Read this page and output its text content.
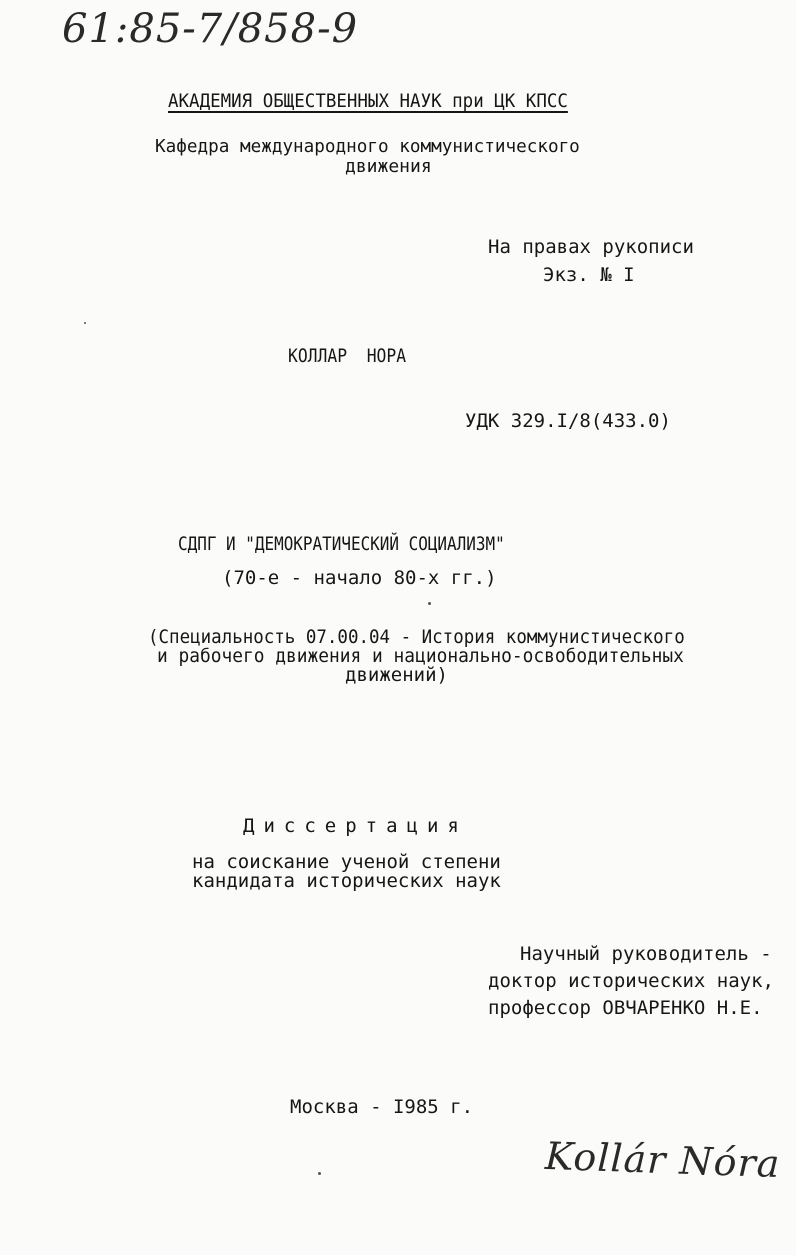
61:85-7/858-9

АКАДЕМИЯ ОБЩЕСТВЕННЫХ НАУК при ЦК КПСС

Кафедра международного коммунистического

движения

На правах рукописи

Экз. № I

КОЛЛАР  НОРА

УДК 329.I/8(433.0)

СДПГ И "ДЕМОКРАТИЧЕСКИЙ СОЦИАЛИЗМ"

(70-е - начало 80-х гг.)

(Специальность 07.00.04 - История коммунистического

и рабочего движения и национально-освободительных

движений)

Диссертация

на соискание ученой степени

кандидата исторических наук

Научный руководитель -

доктор исторических наук,

профессор ОВЧАРЕНКО Н.Е.

Москва - I985 г.

Kollár Nóra
